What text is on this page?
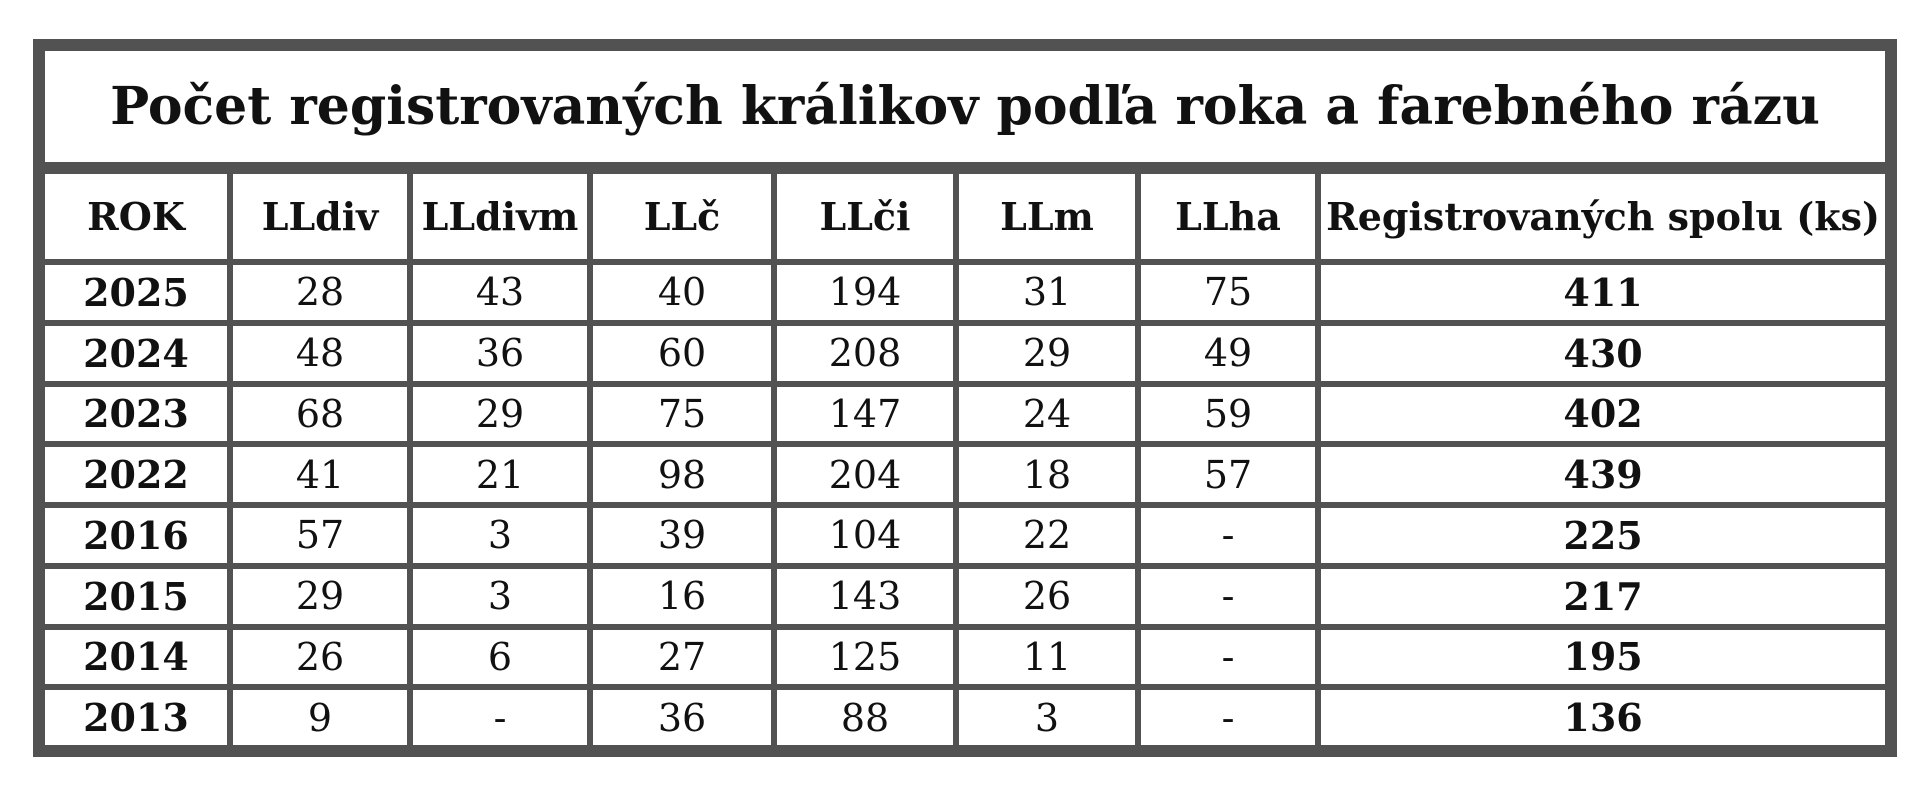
Počet registrovaných králikov podľa roka a farebného rázu							
ROK	LLdiv	LLdivm	LLč	LLči	LLm	LLha	Registrovaných spolu (ks)
2025	28	43	40	194	31	75	411
2024	48	36	60	208	29	49	430
2023	68	29	75	147	24	59	402
2022	41	21	98	204	18	57	439
2016	57	3	39	104	22	-	225
2015	29	3	16	143	26	-	217
2014	26	6	27	125	11	-	195
2013	9	-	36	88	3	-	136
